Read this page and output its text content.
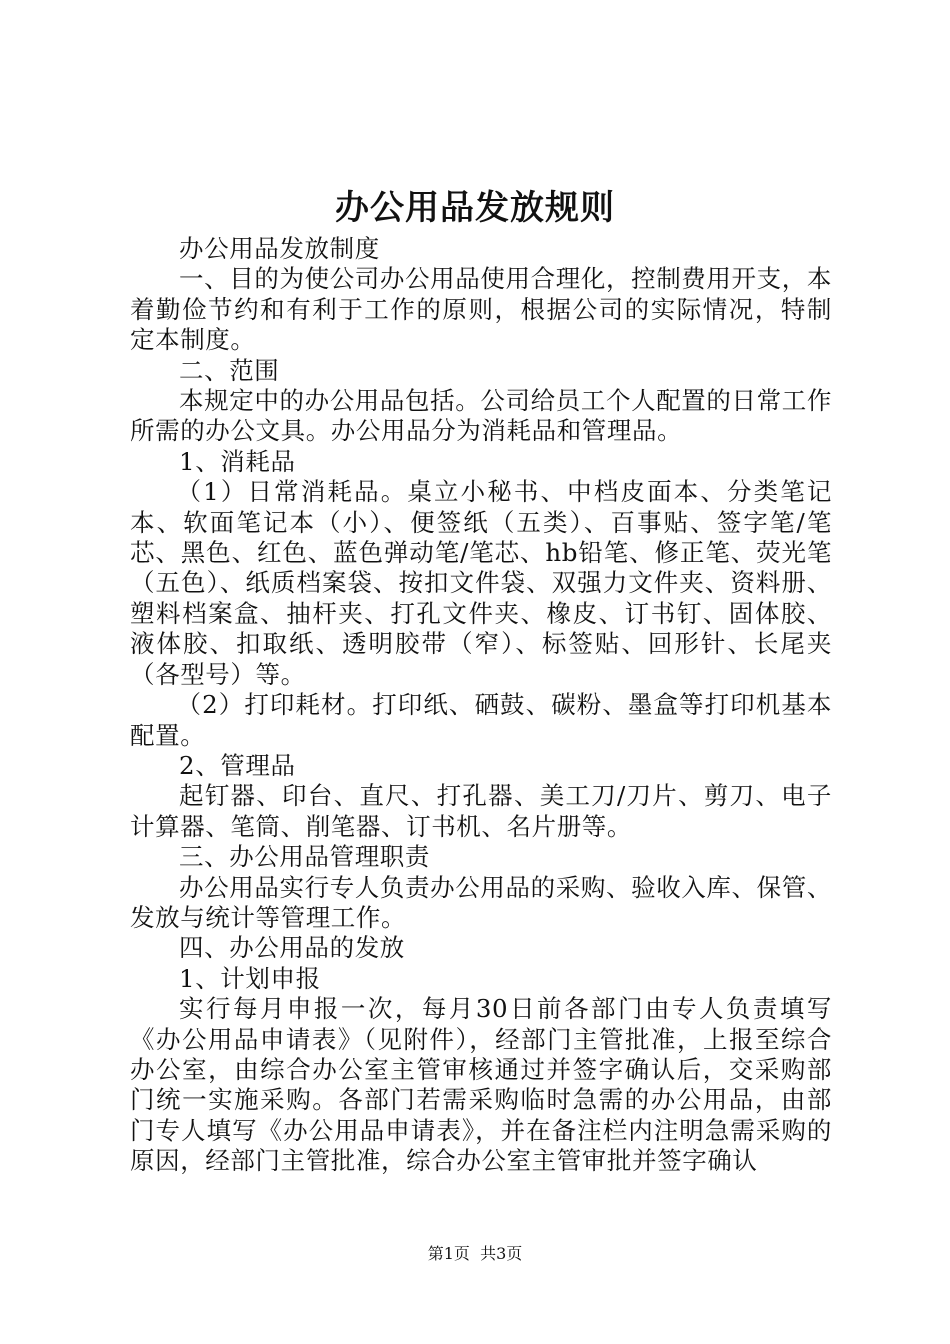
办公用品发放规则

办公用品发放制度

一、目的为使公司办公用品使用合理化，控制费用开支，本着勤俭节约和有利于工作的原则，根据公司的实际情况，特制定本制度。

二、范围

本规定中的办公用品包括。公司给员工个人配置的日常工作所需的办公文具。办公用品分为消耗品和管理品。

1、消耗品

（1）日常消耗品。桌立小秘书、中档皮面本、分类笔记本、软面笔记本（小）、便签纸（五类）、百事贴、签字笔/笔芯、黑色、红色、蓝色弹动笔/笔芯、hb铅笔、修正笔、荧光笔（五色）、纸质档案袋、按扣文件袋、双强力文件夹、资料册、塑料档案盒、抽杆夹、打孔文件夹、橡皮、订书钉、固体胶、液体胶、扣取纸、透明胶带（窄）、标签贴、回形针、长尾夹（各型号）等。

（2）打印耗材。打印纸、硒鼓、碳粉、墨盒等打印机基本配置。

2、管理品

起钉器、印台、直尺、打孔器、美工刀/刀片、剪刀、电子计算器、笔筒、削笔器、订书机、名片册等。

三、办公用品管理职责

办公用品实行专人负责办公用品的采购、验收入库、保管、发放与统计等管理工作。

四、办公用品的发放

1、计划申报

实行每月申报一次，每月30日前各部门由专人负责填写《办公用品申请表》（见附件），经部门主管批准，上报至综合办公室，由综合办公室主管审核通过并签字确认后，交采购部门统一实施采购。各部门若需采购临时急需的办公用品，由部门专人填写《办公用品申请表》，并在备注栏内注明急需采购的原因，经部门主管批准，综合办公室主管审批并签字确认

第1页 共3页
